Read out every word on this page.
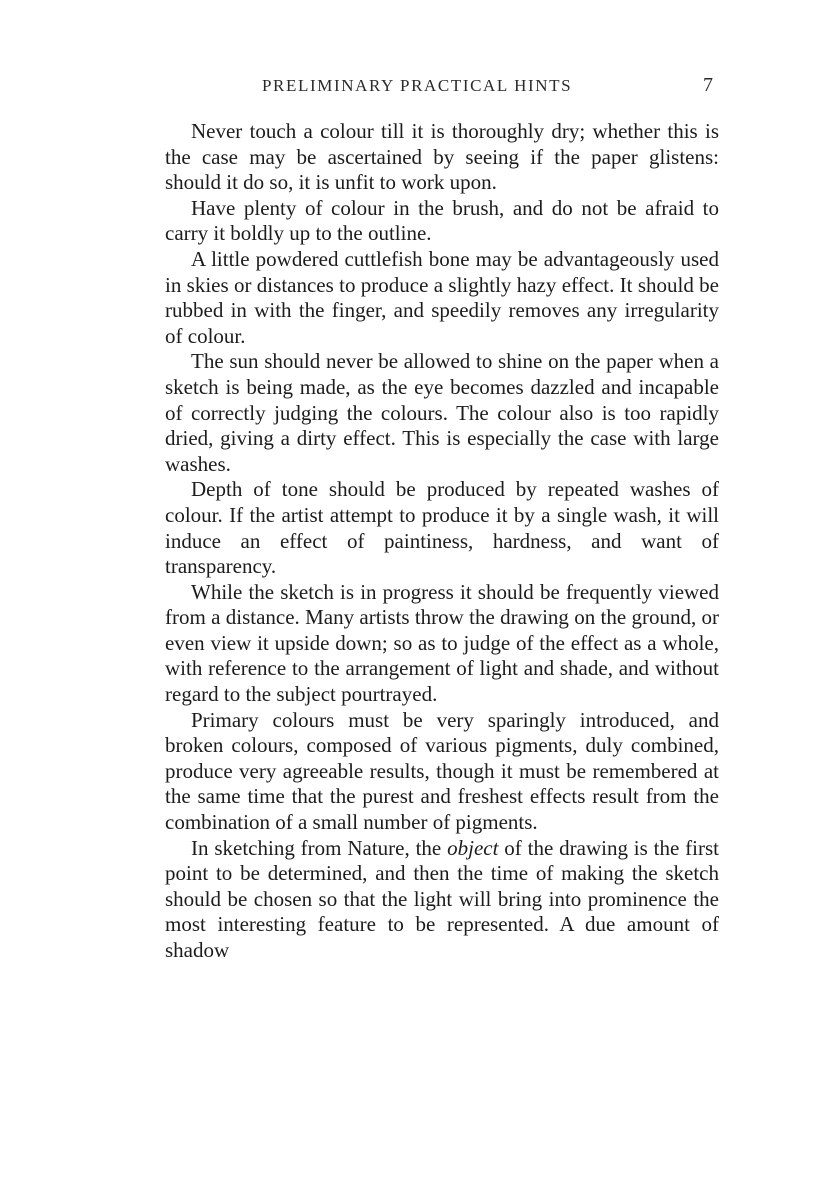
PRELIMINARY PRACTICAL HINTS	7

Never touch a colour till it is thoroughly dry; whether this is the case may be ascertained by seeing if the paper glistens: should it do so, it is unfit to work upon.

Have plenty of colour in the brush, and do not be afraid to carry it boldly up to the outline.

A little powdered cuttlefish bone may be advantageously used in skies or distances to produce a slightly hazy effect. It should be rubbed in with the finger, and speedily removes any irregularity of colour.

The sun should never be allowed to shine on the paper when a sketch is being made, as the eye becomes dazzled and incapable of correctly judging the colours. The colour also is too rapidly dried, giving a dirty effect. This is especially the case with large washes.

Depth of tone should be produced by repeated washes of colour. If the artist attempt to produce it by a single wash, it will induce an effect of paintiness, hardness, and want of transparency.

While the sketch is in progress it should be frequently viewed from a distance. Many artists throw the drawing on the ground, or even view it upside down; so as to judge of the effect as a whole, with reference to the arrangement of light and shade, and without regard to the subject pourtrayed.

Primary colours must be very sparingly introduced, and broken colours, composed of various pigments, duly combined, produce very agreeable results, though it must be remembered at the same time that the purest and freshest effects result from the combination of a small number of pigments.

In sketching from Nature, the object of the drawing is the first point to be determined, and then the time of making the sketch should be chosen so that the light will bring into prominence the most interesting feature to be represented. A due amount of shadow
